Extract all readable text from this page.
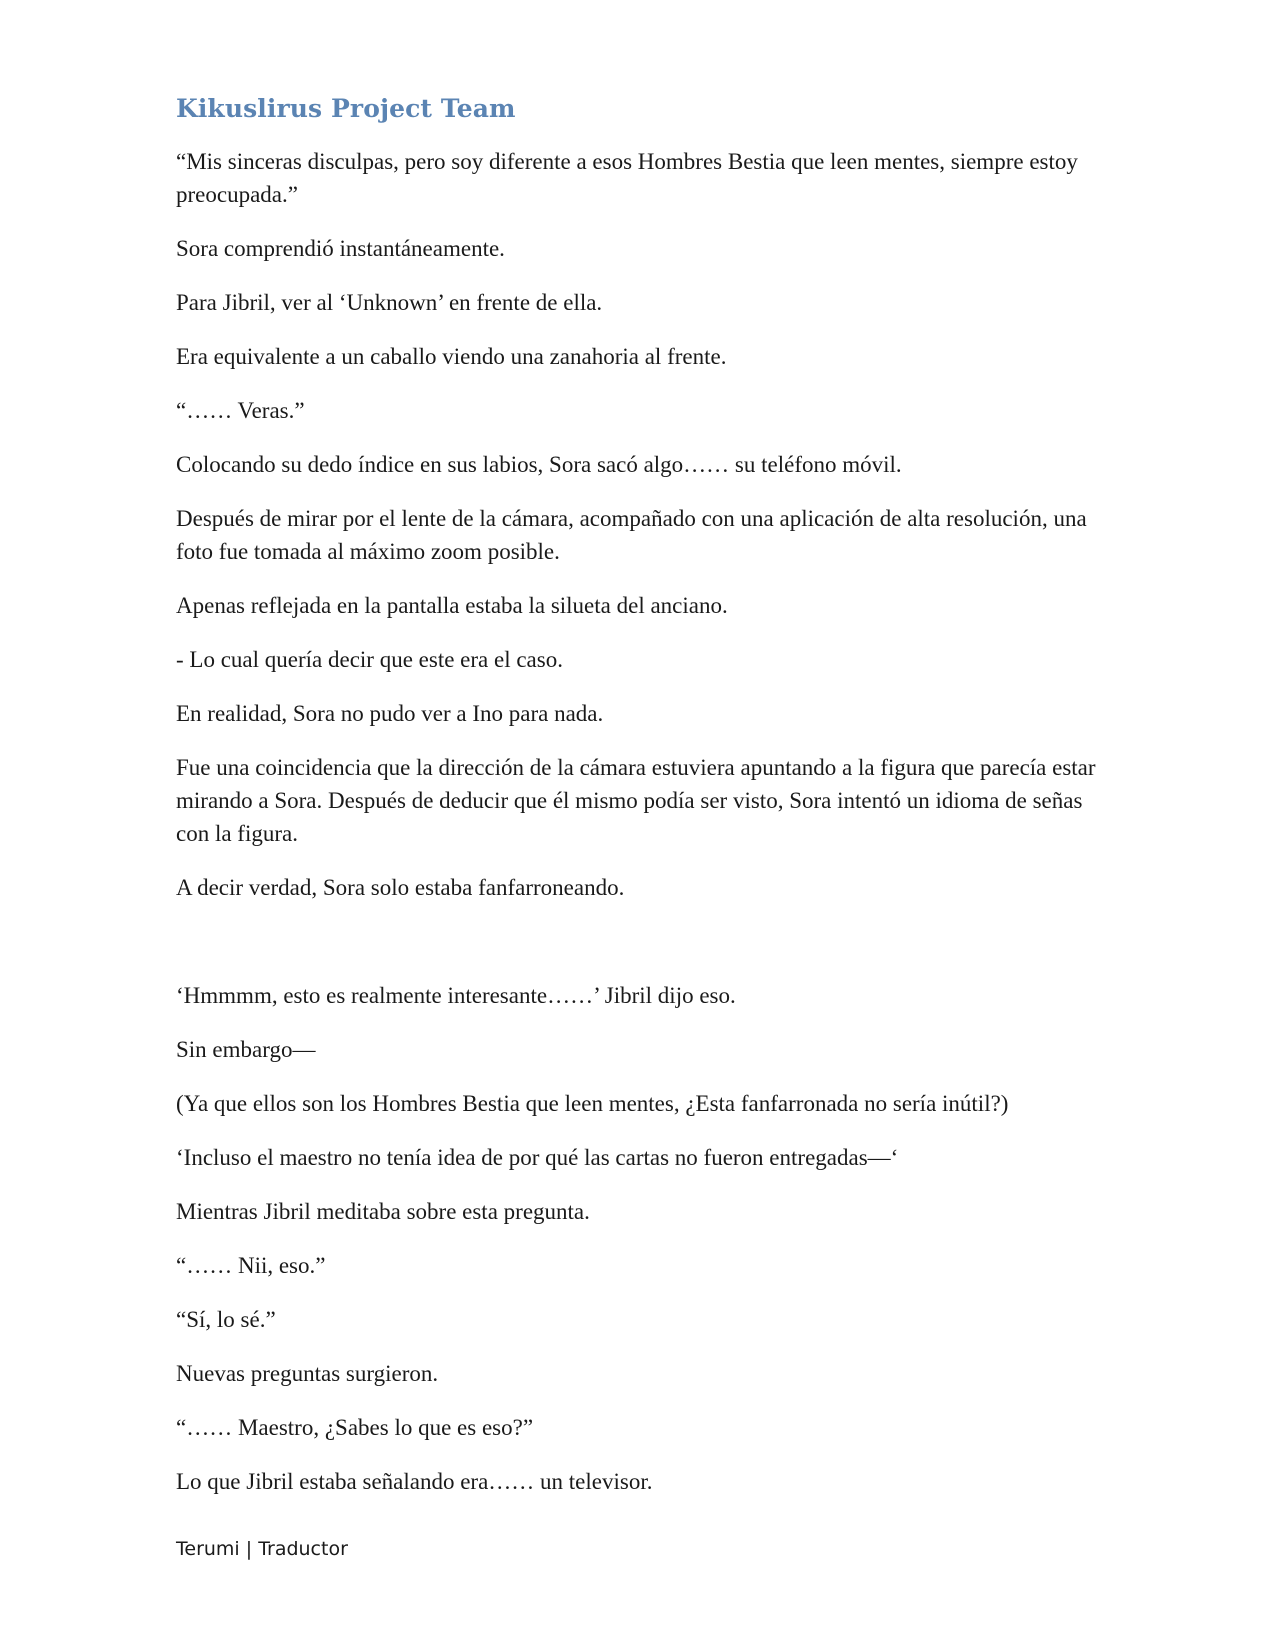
Kikuslirus Project Team

“Mis sinceras disculpas, pero soy diferente a esos Hombres Bestia que leen mentes, siempre estoy preocupada.”

Sora comprendió instantáneamente.

Para Jibril, ver al ‘Unknown’ en frente de ella.

Era equivalente a un caballo viendo una zanahoria al frente.

“…… Veras.”

Colocando su dedo índice en sus labios, Sora sacó algo…… su teléfono móvil.

Después de mirar por el lente de la cámara, acompañado con una aplicación de alta resolución, una foto fue tomada al máximo zoom posible.

Apenas reflejada en la pantalla estaba la silueta del anciano.

- Lo cual quería decir que este era el caso.

En realidad, Sora no pudo ver a Ino para nada.

Fue una coincidencia que la dirección de la cámara estuviera apuntando a la figura que parecía estar mirando a Sora. Después de deducir que él mismo podía ser visto, Sora intentó un idioma de señas con la figura.

A decir verdad, Sora solo estaba fanfarroneando.

‘Hmmmm, esto es realmente interesante……’ Jibril dijo eso.

Sin embargo—

(Ya que ellos son los Hombres Bestia que leen mentes, ¿Esta fanfarronada no sería inútil?)

‘Incluso el maestro no tenía idea de por qué las cartas no fueron entregadas—‘

Mientras Jibril meditaba sobre esta pregunta.

“…… Nii, eso.”

“Sí, lo sé.”

Nuevas preguntas surgieron.

“…… Maestro, ¿Sabes lo que es eso?”

Lo que Jibril estaba señalando era…… un televisor.

Terumi | Traductor
